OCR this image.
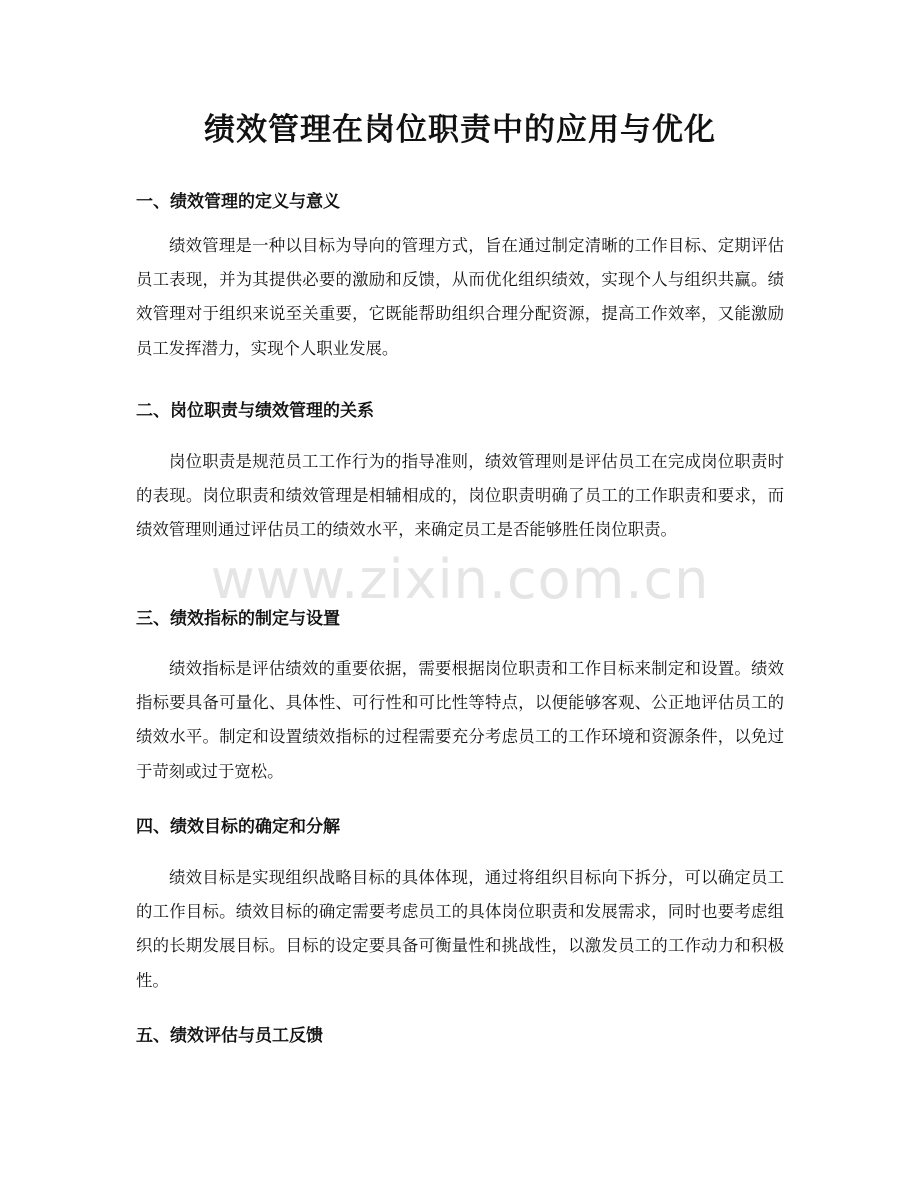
绩效管理在岗位职责中的应用与优化
一、绩效管理的定义与意义

绩效管理是一种以目标为导向的管理方式，旨在通过制定清晰的工作目标、定期评估员工表现，并为其提供必要的激励和反馈，从而优化组织绩效，实现个人与组织共赢。绩效管理对于组织来说至关重要，它既能帮助组织合理分配资源，提高工作效率，又能激励员工发挥潜力，实现个人职业发展。

二、岗位职责与绩效管理的关系

岗位职责是规范员工工作行为的指导准则，绩效管理则是评估员工在完成岗位职责时的表现。岗位职责和绩效管理是相辅相成的，岗位职责明确了员工的工作职责和要求，而绩效管理则通过评估员工的绩效水平，来确定员工是否能够胜任岗位职责。

三、绩效指标的制定与设置

绩效指标是评估绩效的重要依据，需要根据岗位职责和工作目标来制定和设置。绩效指标要具备可量化、具体性、可行性和可比性等特点，以便能够客观、公正地评估员工的绩效水平。制定和设置绩效指标的过程需要充分考虑员工的工作环境和资源条件，以免过于苛刻或过于宽松。

四、绩效目标的确定和分解

绩效目标是实现组织战略目标的具体体现，通过将组织目标向下拆分，可以确定员工的工作目标。绩效目标的确定需要考虑员工的具体岗位职责和发展需求，同时也要考虑组织的长期发展目标。目标的设定要具备可衡量性和挑战性，以激发员工的工作动力和积极性。

五、绩效评估与员工反馈
www.zixin.com.cn
